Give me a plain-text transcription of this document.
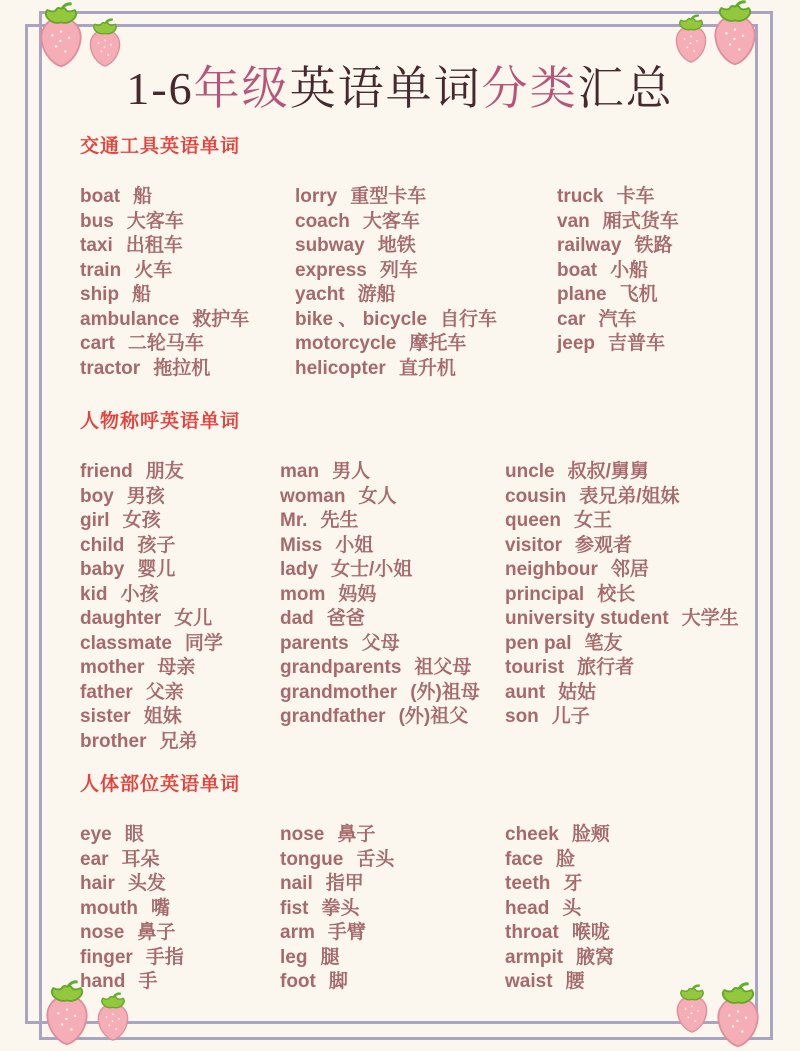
1-6年级英语单词分类汇总
交通工具英语单词
boat 船
bus 大客车
taxi 出租车
train 火车
ship 船
ambulance 救护车
cart 二轮马车
tractor 拖拉机
lorry 重型卡车
coach 大客车
subway 地铁
express 列车
yacht 游船
bike 、 bicycle 自行车
motorcycle 摩托车
helicopter 直升机
truck 卡车
van 厢式货车
railway 铁路
boat 小船
plane 飞机
car 汽车
jeep 吉普车
人物称呼英语单词
friend 朋友
boy 男孩
girl 女孩
child 孩子
baby 婴儿
kid 小孩
daughter 女儿
classmate 同学
mother 母亲
father 父亲
sister 姐妹
brother 兄弟
man 男人
woman 女人
Mr. 先生
Miss 小姐
lady 女士/小姐
mom 妈妈
dad 爸爸
parents 父母
grandparents 祖父母
grandmother (外)祖母
grandfather (外)祖父
uncle 叔叔/舅舅
cousin 表兄弟/姐妹
queen 女王
visitor 参观者
neighbour 邻居
principal 校长
university student 大学生
pen pal 笔友
tourist 旅行者
aunt 姑姑
son 儿子
人体部位英语单词
eye 眼
ear 耳朵
hair 头发
mouth 嘴
nose 鼻子
finger 手指
hand 手
nose 鼻子
tongue 舌头
nail 指甲
fist 拳头
arm 手臂
leg 腿
foot 脚
cheek 脸颊
face 脸
teeth 牙
head 头
throat 喉咙
armpit 腋窝
waist 腰
